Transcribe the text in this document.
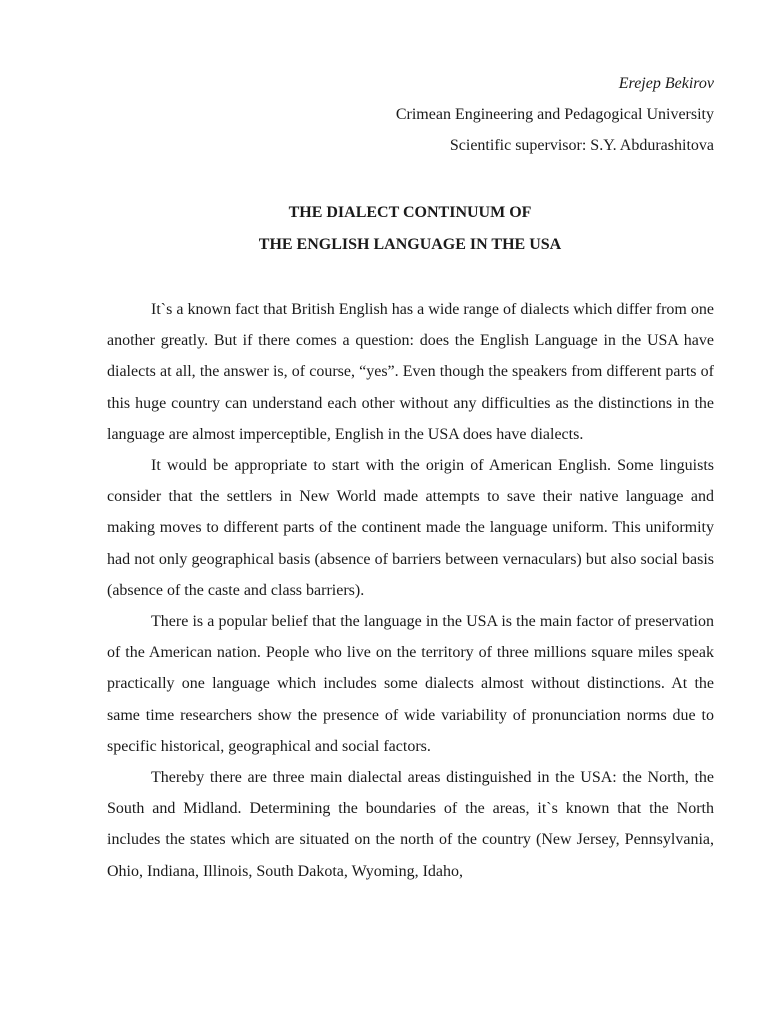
Erejep Bekirov
Crimean Engineering and Pedagogical University
Scientific supervisor: S.Y. Abdurashitova
THE DIALECT CONTINUUM OF
THE ENGLISH LANGUAGE IN THE USA

It`s a known fact that British English has a wide range of dialects which differ from one another greatly. But if there comes a question: does the English Language in the USA have dialects at all, the answer is, of course, “yes”. Even though the speakers from different parts of this huge country can understand each other without any difficulties as the distinctions in the language are almost imperceptible, English in the USA does have dialects.

It would be appropriate to start with the origin of American English. Some linguists consider that the settlers in New World made attempts to save their native language and making moves to different parts of the continent made the language uniform. This uniformity had not only geographical basis (absence of barriers between vernaculars) but also social basis (absence of the caste and class barriers).

There is a popular belief that the language in the USA is the main factor of preservation of the American nation. People who live on the territory of three millions square miles speak practically one language which includes some dialects almost without distinctions. At the same time researchers show the presence of wide variability of pronunciation norms due to specific historical, geographical and social factors.

Thereby there are three main dialectal areas distinguished in the USA: the North, the South and Midland. Determining the boundaries of the areas, it`s known that the North includes the states which are situated on the north of the country (New Jersey, Pennsylvania, Ohio, Indiana, Illinois, South Dakota, Wyoming, Idaho,
